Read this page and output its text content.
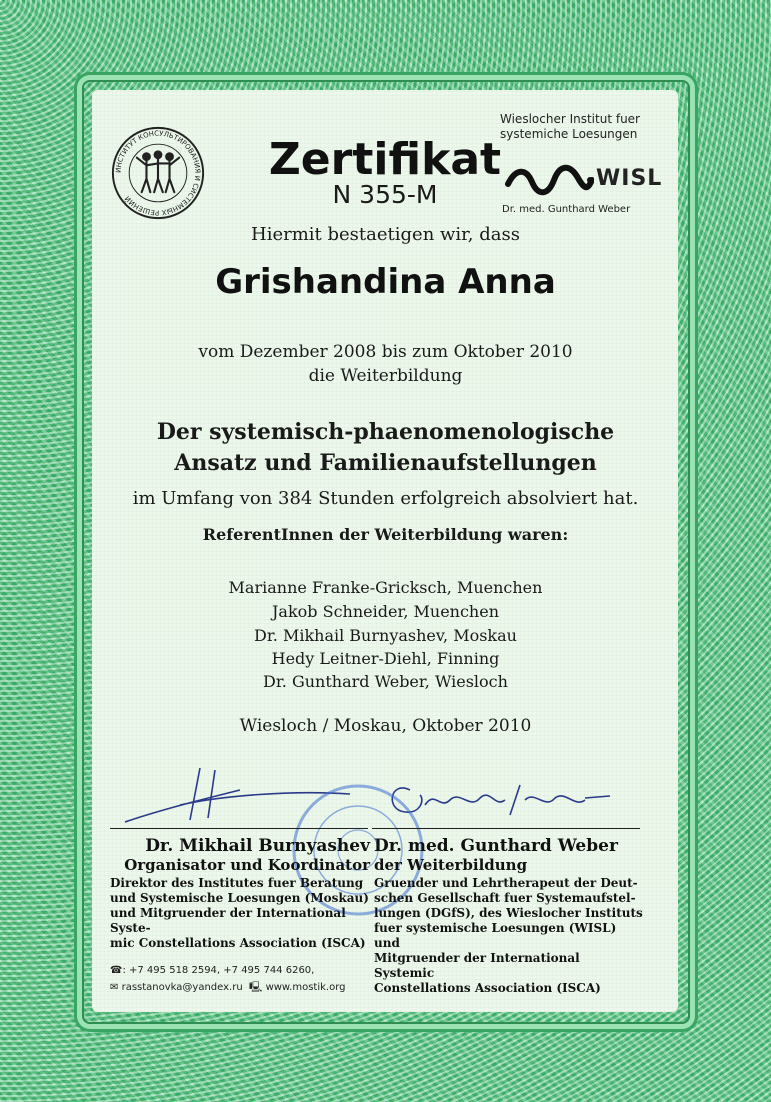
ИНСТИТУТ КОНСУЛЬТИРОВАНИЯ И СИСТЕМНЫХ РЕШЕНИЙ
Zertifikat
N 355-M
Wieslocher Institut fuer
systemiche Loesungen
WISL
Dr. med. Gunthard Weber
Hiermit bestaetigen wir, dass
Grishandina Anna
vom Dezember 2008 bis zum Oktober 2010
die Weiterbildung
Der systemisch-phaenomenologische
Ansatz und Familienaufstellungen
im Umfang von 384 Stunden erfolgreich absolviert hat.
ReferentInnen der Weiterbildung waren:
Marianne Franke-Gricksch, Muenchen
Jakob Schneider, Muenchen
Dr. Mikhail Burnyashev, Moskau
Hedy Leitner-Diehl, Finning
Dr. Gunthard Weber, Wiesloch
Wiesloch / Moskau, Oktober 2010
Dr. Mikhail Burnyashev
Organisator und Koordinator
Direktor des Institutes fuer Beratung
und Systemische Loesungen (Moskau)
und Mitgruender der International Syste-
mic Constellations Association (ISCA)
Dr. med. Gunthard Weber
der Weiterbildung
Gruender und Lehrtherapeut der Deut-
schen Gesellschaft fuer Systemaufstel-
lungen (DGfS), des Wieslocher Instituts
fuer systemische Loesungen (WISL) und
Mitgruender der International Systemic
Constellations Association (ISCA)
☎: +7 495 518 2594, +7 495 744 6260,
✉ rasstanovka@yandex.ru 🖳 www.mostik.org
